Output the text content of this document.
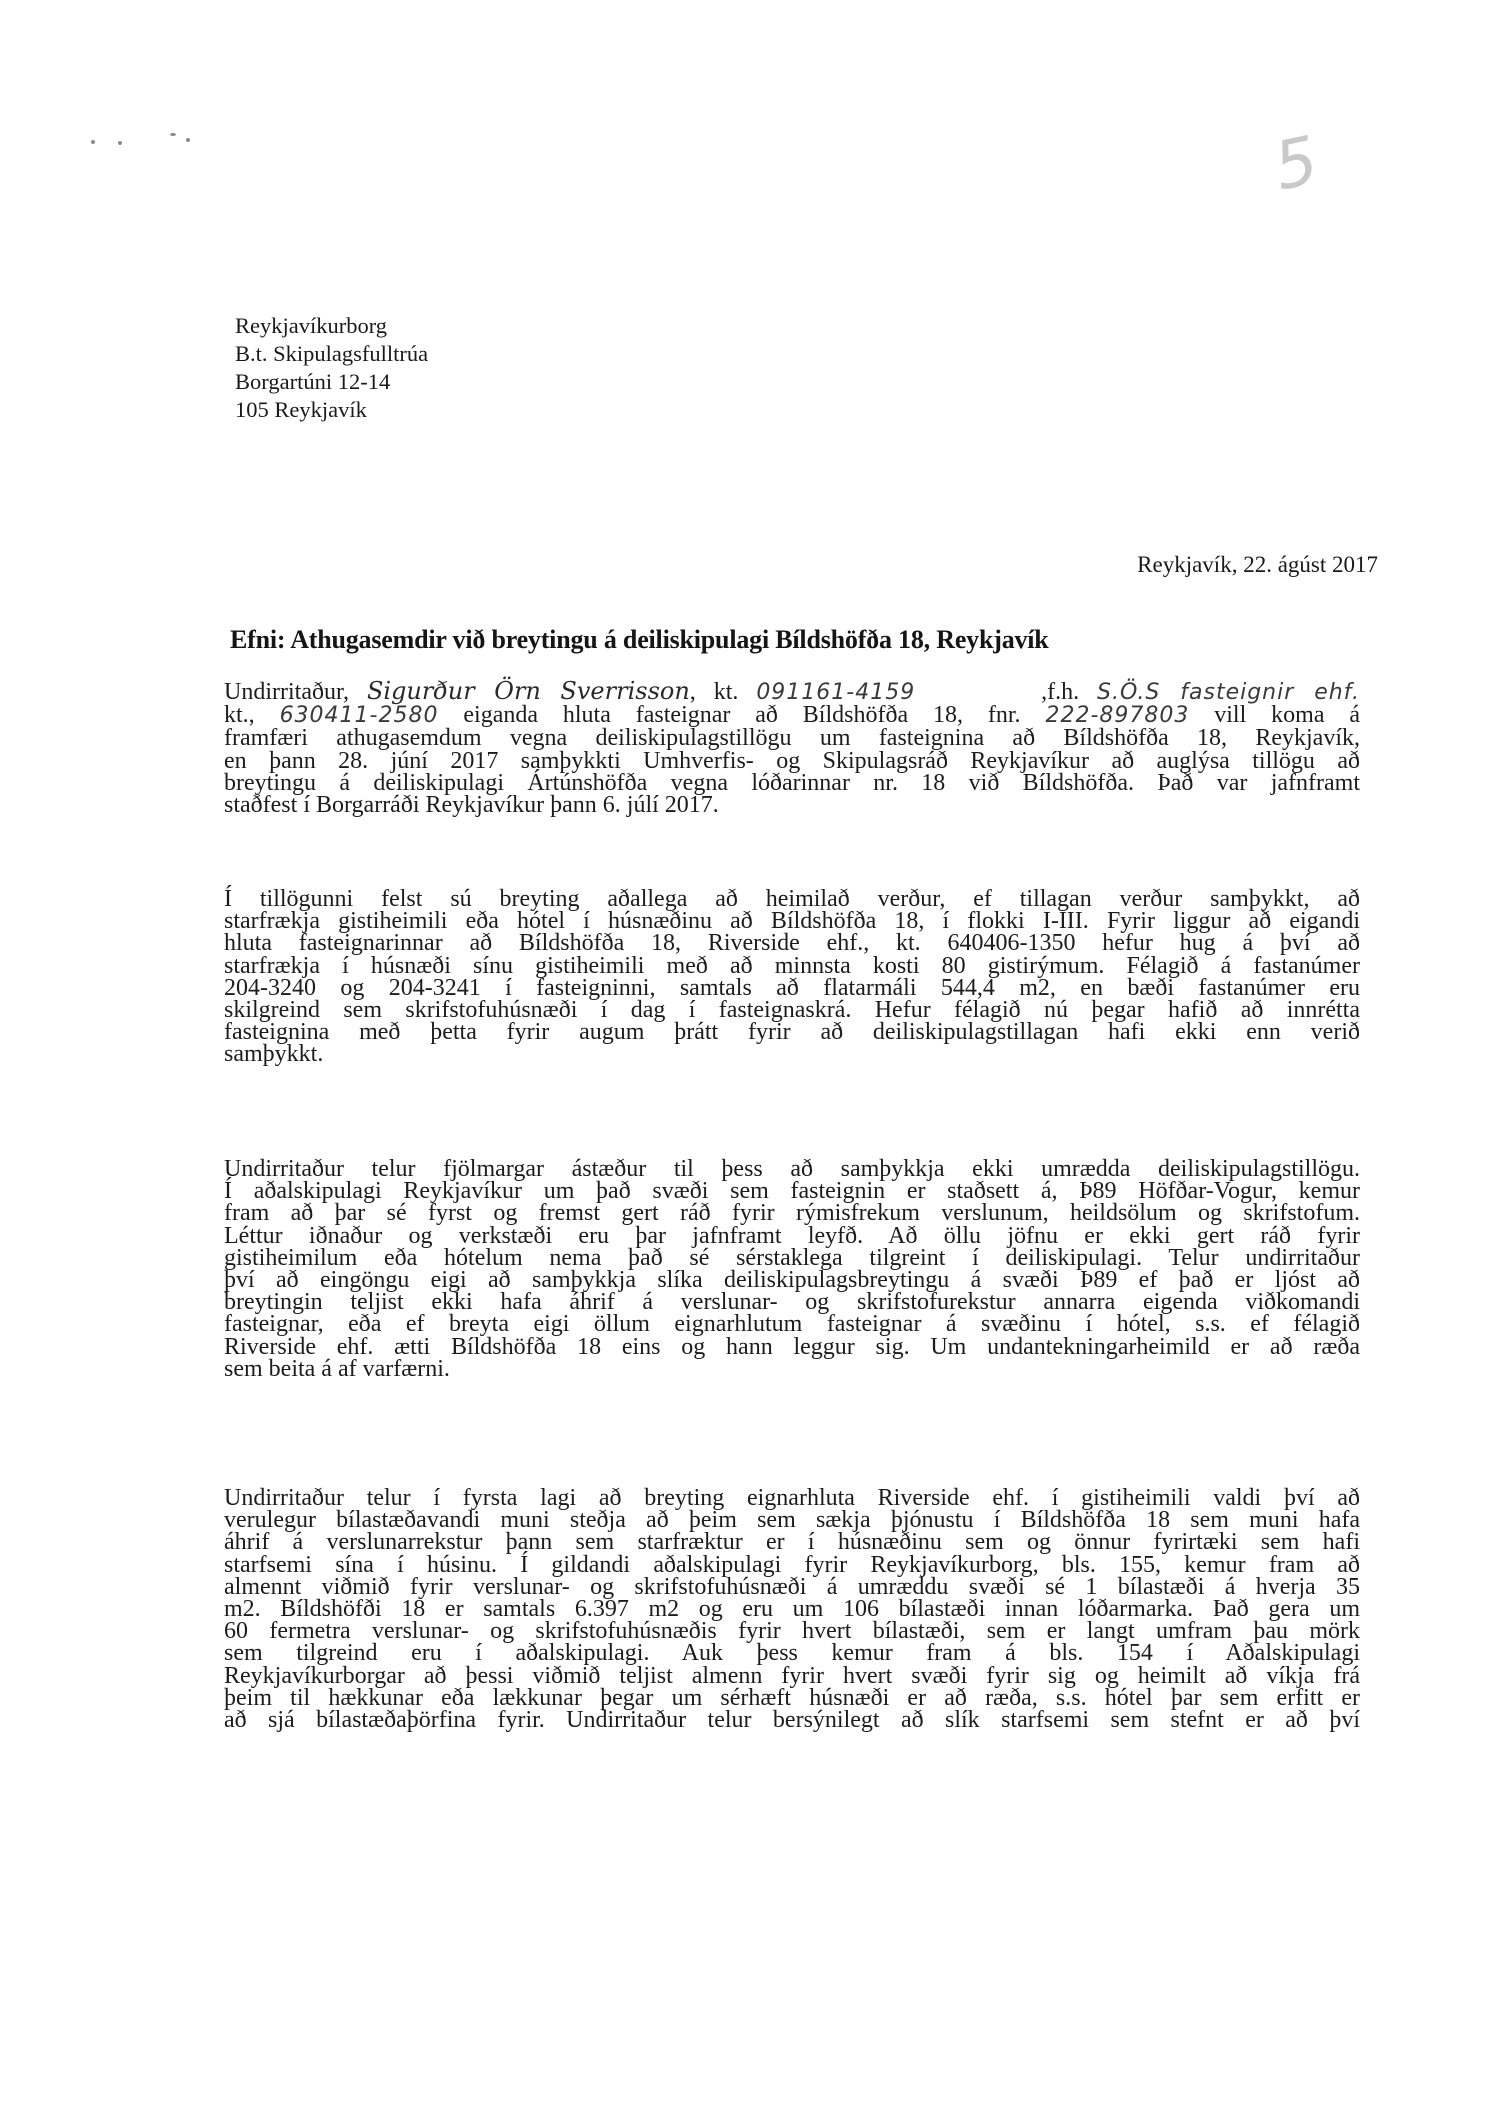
5
Reykjavíkurborg
B.t. Skipulagsfulltrúa
Borgartúni 12-14
105 Reykjavík
Reykjavík, 22. ágúst 2017
Efni: Athugasemdir við breytingu á deiliskipulagi Bíldshöfða 18, Reykjavík
Undirritaður, Sigurður Örn Sverrisson, kt. 091161-4159	,f.h. S.Ö.S fasteignir ehf.
kt., 630411-2580 eiganda hluta fasteignar að Bíldshöfða 18, fnr. 222-897803 vill koma á
framfæri athugasemdum vegna deiliskipulagstillögu um fasteignina að Bíldshöfða 18, Reykjavík,
en þann 28. júní 2017 samþykkti Umhverfis- og Skipulagsráð Reykjavíkur að auglýsa tillögu að
breytingu á deiliskipulagi Ártúnshöfða vegna lóðarinnar nr. 18 við Bíldshöfða. Það var jafnframt
staðfest í Borgarráði Reykjavíkur þann 6. júlí 2017.
Í tillögunni felst sú breyting aðallega að heimilað verður, ef tillagan verður samþykkt, að
starfrækja gistiheimili eða hótel í húsnæðinu að Bíldshöfða 18, í flokki I-III. Fyrir liggur að eigandi
hluta fasteignarinnar að Bíldshöfða 18, Riverside ehf., kt. 640406-1350 hefur hug á því að
starfrækja í húsnæði sínu gistiheimili með að minnsta kosti 80 gistirýmum. Félagið á fastanúmer
204-3240 og 204-3241 í fasteigninni, samtals að flatarmáli 544,4 m2, en bæði fastanúmer eru
skilgreind sem skrifstofuhúsnæði í dag í fasteignaskrá. Hefur félagið nú þegar hafið að innrétta
fasteignina með þetta fyrir augum þrátt fyrir að deiliskipulagstillagan hafi ekki enn verið
samþykkt.
Undirritaður telur fjölmargar ástæður til þess að samþykkja ekki umrædda deiliskipulagstillögu.
Í aðalskipulagi Reykjavíkur um það svæði sem fasteignin er staðsett á, Þ89 Höfðar-Vogur, kemur
fram að þar sé fyrst og fremst gert ráð fyrir rýmisfrekum verslunum, heildsölum og skrifstofum.
Léttur iðnaður og verkstæði eru þar jafnframt leyfð. Að öllu jöfnu er ekki gert ráð fyrir
gistiheimilum eða hótelum nema það sé sérstaklega tilgreint í deiliskipulagi. Telur undirritaður
því að eingöngu eigi að samþykkja slíka deiliskipulagsbreytingu á svæði Þ89 ef það er ljóst að
breytingin teljist ekki hafa áhrif á verslunar- og skrifstofurekstur annarra eigenda viðkomandi
fasteignar, eða ef breyta eigi öllum eignarhlutum fasteignar á svæðinu í hótel, s.s. ef félagið
Riverside ehf. ætti Bíldshöfða 18 eins og hann leggur sig. Um undantekningarheimild er að ræða
sem beita á af varfærni.
Undirritaður telur í fyrsta lagi að breyting eignarhluta Riverside ehf. í gistiheimili valdi því að
verulegur bílastæðavandi muni steðja að þeim sem sækja þjónustu í Bíldshöfða 18 sem muni hafa
áhrif á verslunarrekstur þann sem starfræktur er í húsnæðinu sem og önnur fyrirtæki sem hafi
starfsemi sína í húsinu. Í gildandi aðalskipulagi fyrir Reykjavíkurborg, bls. 155, kemur fram að
almennt viðmið fyrir verslunar- og skrifstofuhúsnæði á umræddu svæði sé 1 bílastæði á hverja 35
m2. Bíldshöfði 18 er samtals 6.397 m2 og eru um 106 bílastæði innan lóðarmarka. Það gera um
60 fermetra verslunar- og skrifstofuhúsnæðis fyrir hvert bílastæði, sem er langt umfram þau mörk
sem tilgreind eru í aðalskipulagi. Auk þess kemur fram á bls. 154 í Aðalskipulagi
Reykjavíkurborgar að þessi viðmið teljist almenn fyrir hvert svæði fyrir sig og heimilt að víkja frá
þeim til hækkunar eða lækkunar þegar um sérhæft húsnæði er að ræða, s.s. hótel þar sem erfitt er
að sjá bílastæðaþörfina fyrir. Undirritaður telur bersýnilegt að slík starfsemi sem stefnt er að því
